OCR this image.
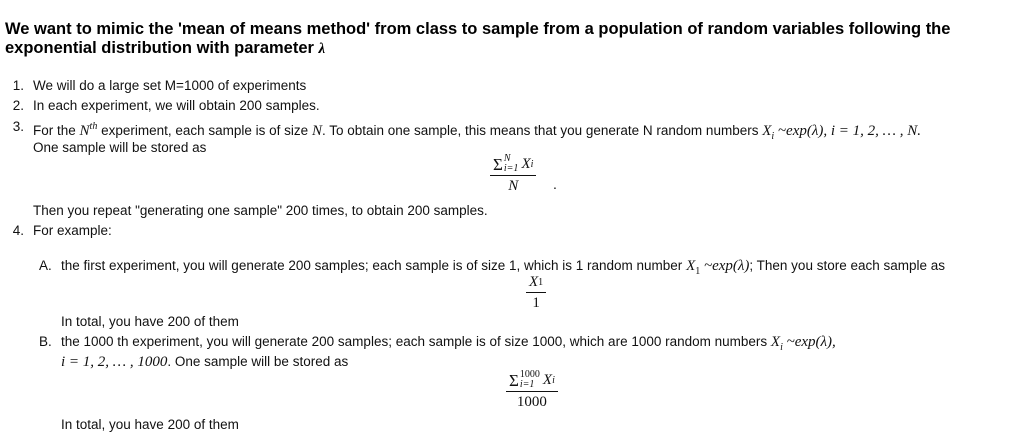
We want to mimic the 'mean of means method' from class to sample from a population of random variables following the exponential distribution with parameter λ
1. We will do a large set M=1000 of experiments
2. In each experiment, we will obtain 200 samples.
3. For the $N^{th}$ experiment, each sample is of size N. To obtain one sample, this means that you generate N random numbers $X_i$ ~exp(λ), i = 1, 2, … , N.
One sample will be stored as
Σ N
i=1 X i
N .
Then you repeat "generating one sample" 200 times, to obtain 200 samples.
4. For example:
A. the first experiment, you will generate 200 samples; each sample is of size 1, which is 1 random number $X_1$ ~exp(λ); Then you store each sample as
$\frac{X 1}{1}$
In total, you have 200 of them
B. the 1000 th experiment, you will generate 200 samples; each sample is of size 1000, which are 1000 random numbers $X_i$ ~exp(λ),
i = 1, 2, … , 1000. One sample will be stored as
Σ 1000
i=1 X i
1000
In total, you have 200 of them
